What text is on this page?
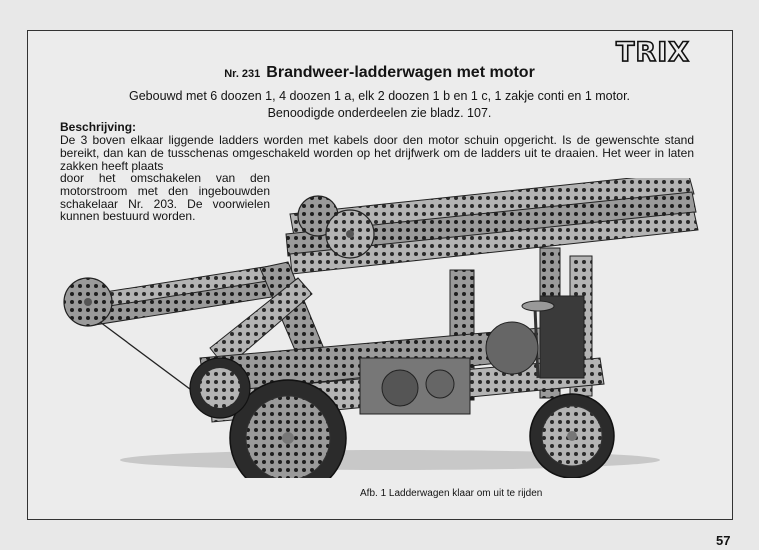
TRIX
Nr. 231 Brandweer-ladderwagen met motor
Gebouwd met 6 doozen 1, 4 doozen 1 a, elk 2 doozen 1 b en 1 c, 1 zakje conti en 1 motor.
Benoodigde onderdeelen zie bladz. 107.
Beschrijving:

De 3 boven elkaar liggende ladders worden met kabels door den motor schuin opgericht. Is de gewenschte stand bereikt, dan kan de tusschenas omgeschakeld worden op het drijfwerk om de ladders uit te draaien. Het weer in laten zakken heeft plaats

door het omschakelen van den motorstroom met den ingebouwden schakelaar Nr. 203. De voorwielen kunnen bestuurd worden.

Afb. 1 Ladderwagen klaar om uit te rijden
57
